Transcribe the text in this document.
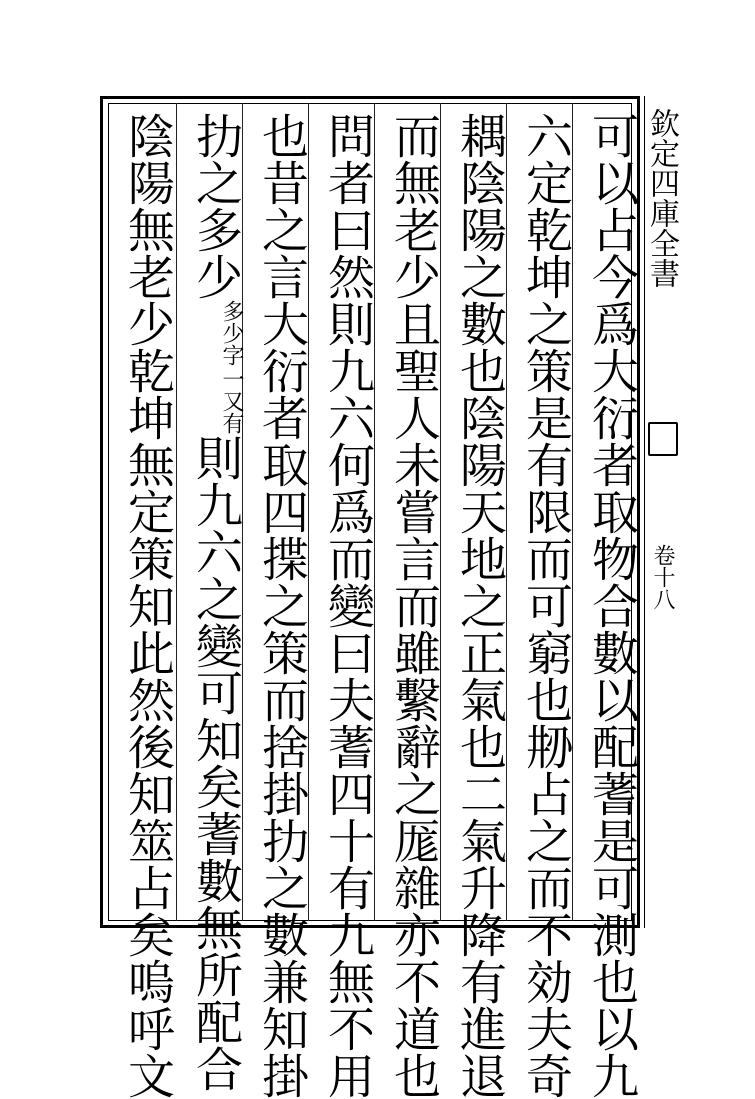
可以占今爲大衍者取物合數以配蓍是可測也以九
六定乾坤之策是有限而可窮也刱占之而不効夫奇
耦陰陽之數也陰陽天地之正氣也二氣升降有進退
而無老少且聖人未嘗言而雖繫辭之厖雜亦不道也
問者曰然則九六何爲而變曰夫蓍四十有九無不用
也昔之言大衍者取四揲之策而捨掛扐之數兼知掛
扐之多少
一又有
多少字
則九六之變可知矣蓍數無所配合
陰陽無老少乾坤無定策知此然後知筮占矣嗚呼文	欽定四庫全書
卷十八
